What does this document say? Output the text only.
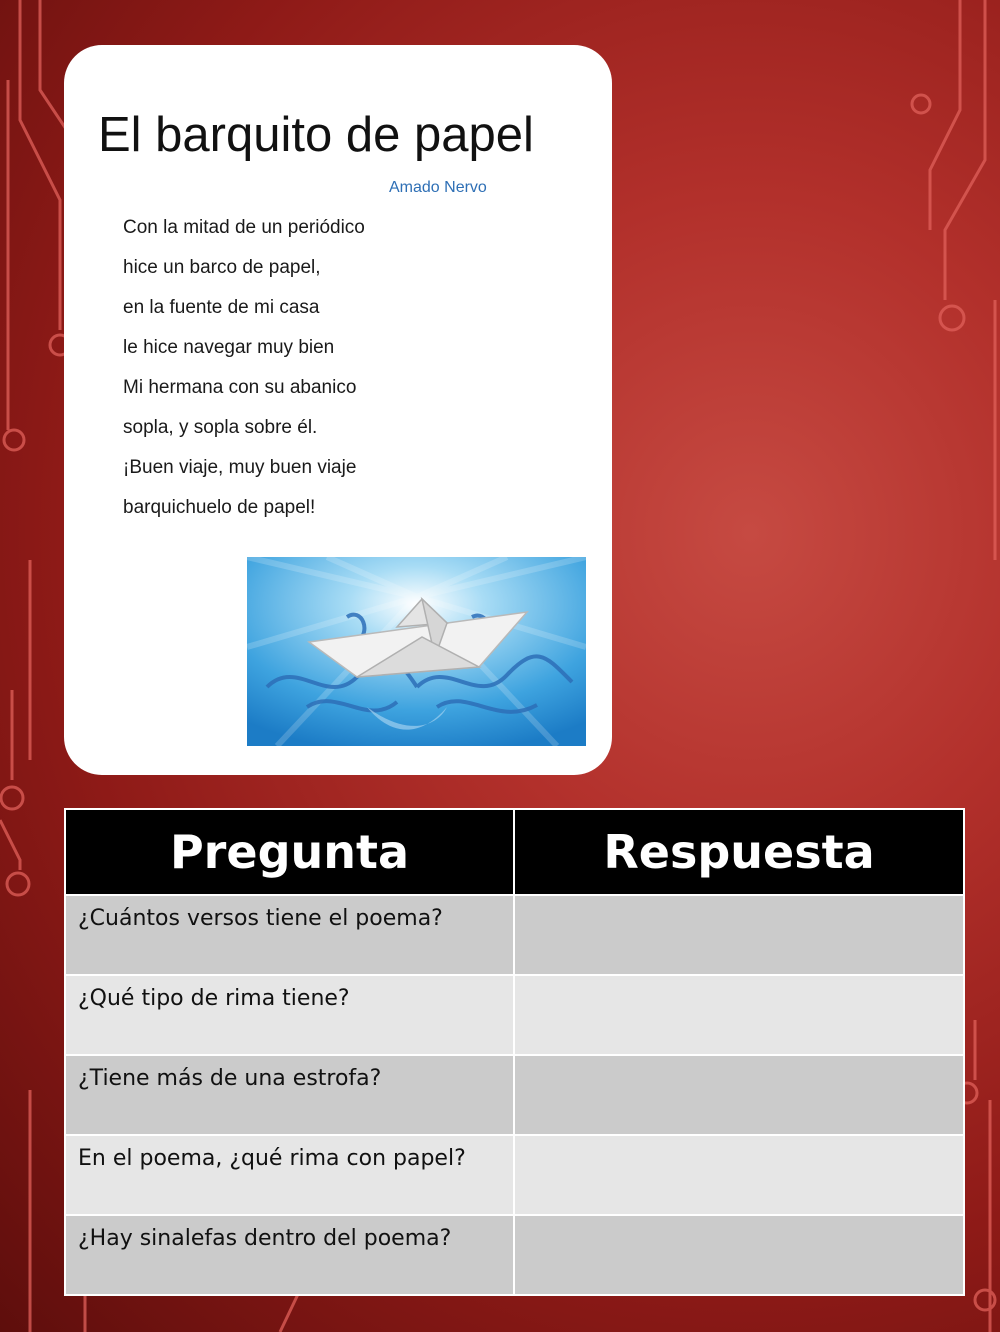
El barquito de papel
Amado Nervo
Con la mitad de un periódico
hice un barco de papel,
en la fuente de mi casa
le hice navegar muy bien
Mi hermana con su abanico
sopla, y sopla sobre él.
¡Buen viaje, muy buen viaje
barquichuelo de papel!
Pregunta	Respuesta
¿Cuántos versos tiene el poema?	
¿Qué tipo de rima tiene?	
¿Tiene más de una estrofa?	
En el poema, ¿qué rima con papel?	
¿Hay sinalefas dentro del poema?	
